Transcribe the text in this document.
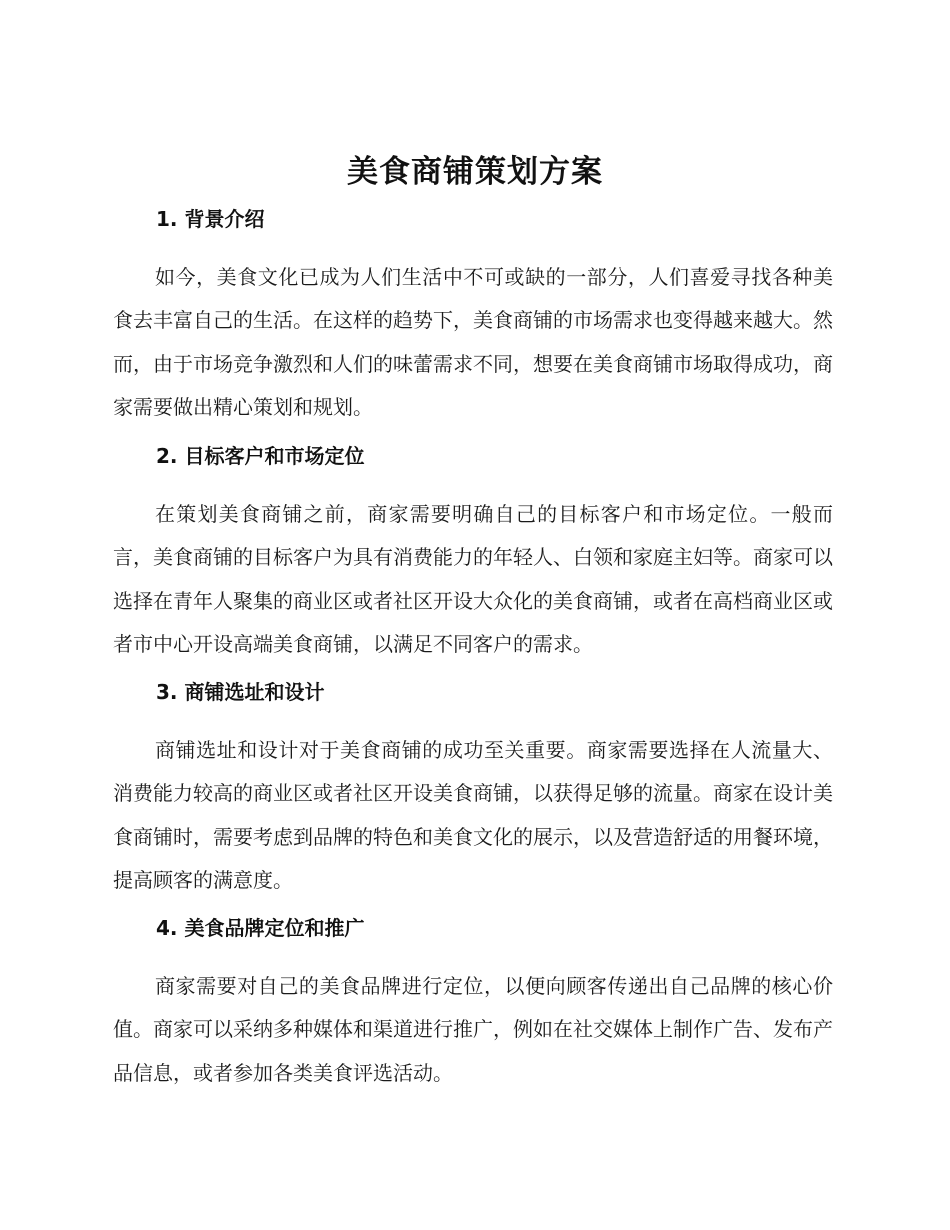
美食商铺策划方案
1. 背景介绍

如今，美食文化已成为人们生活中不可或缺的一部分，人们喜爱寻找各种美食去丰富自己的生活。在这样的趋势下，美食商铺的市场需求也变得越来越大。然而，由于市场竞争激烈和人们的味蕾需求不同，想要在美食商铺市场取得成功，商家需要做出精心策划和规划。

2. 目标客户和市场定位

在策划美食商铺之前，商家需要明确自己的目标客户和市场定位。一般而言，美食商铺的目标客户为具有消费能力的年轻人、白领和家庭主妇等。商家可以选择在青年人聚集的商业区或者社区开设大众化的美食商铺，或者在高档商业区或者市中心开设高端美食商铺，以满足不同客户的需求。

3. 商铺选址和设计

商铺选址和设计对于美食商铺的成功至关重要。商家需要选择在人流量大、消费能力较高的商业区或者社区开设美食商铺，以获得足够的流量。商家在设计美食商铺时，需要考虑到品牌的特色和美食文化的展示，以及营造舒适的用餐环境，提高顾客的满意度。

4. 美食品牌定位和推广

商家需要对自己的美食品牌进行定位，以便向顾客传递出自己品牌的核心价值。商家可以采纳多种媒体和渠道进行推广，例如在社交媒体上制作广告、发布产品信息，或者参加各类美食评选活动。
